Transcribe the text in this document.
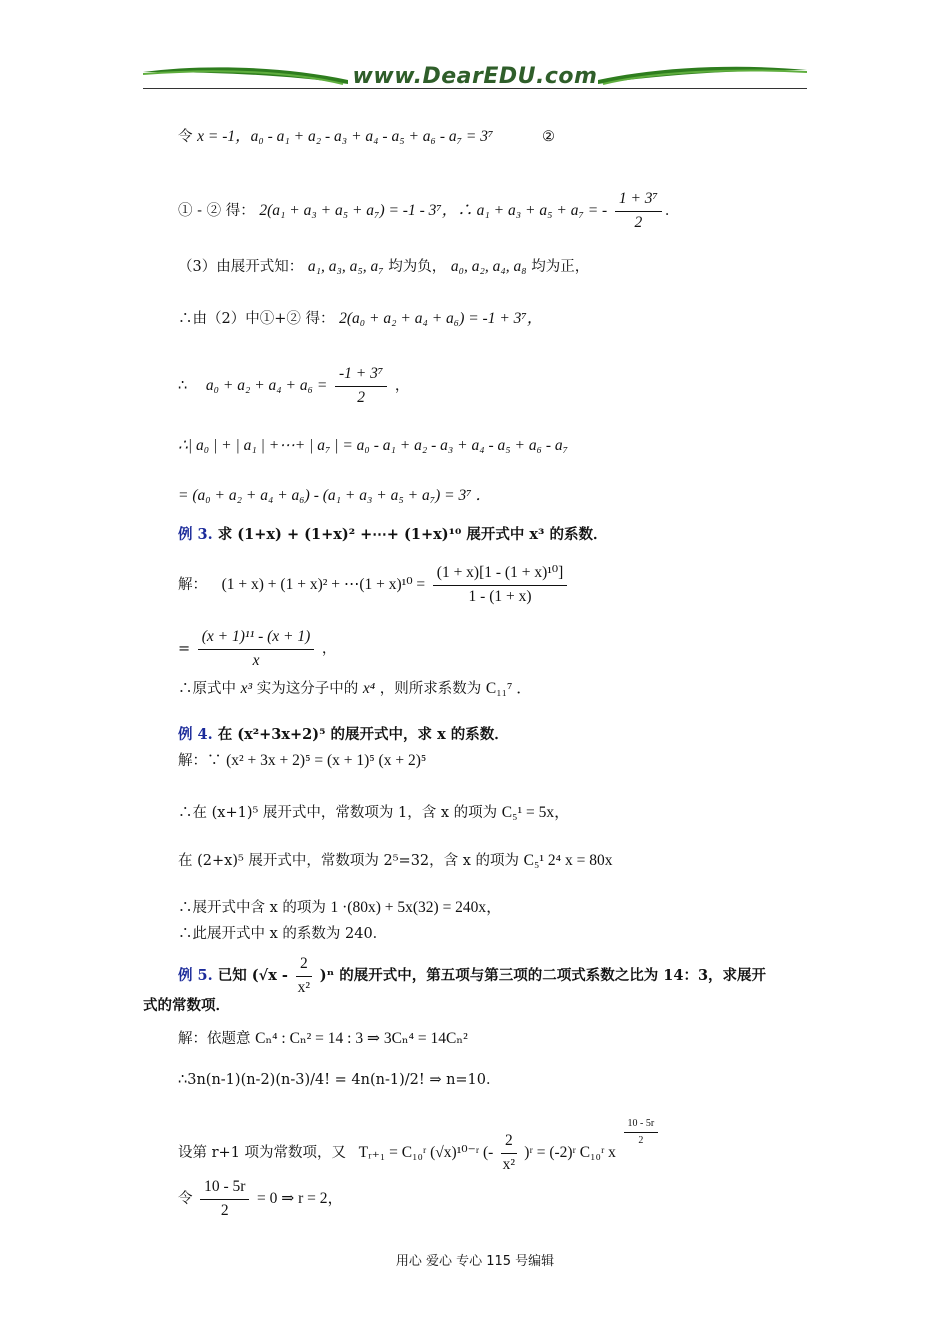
www.DearEDU.com
令 x = -1，a₀ - a₁ + a₂ - a₃ + a₄ - a₅ + a₆ - a₇ = 3⁷	②
① - ② 得： 2(a₁ + a₃ + a₅ + a₇) = -1 - 3⁷，∴ a₁ + a₃ + a₅ + a₇ = - $\frac{\text{1 + 3⁷}}{2}$ ．
（3）由展开式知： a₁, a₃, a₅, a₇ 均为负， a₀, a₂, a₄, a₈ 均为正，
∴由（2）中①+② 得： 2(a₀ + a₂ + a₄ + a₆) = -1 + 3⁷，
∴ $a_0 + a_2 + a_4 + a_6 = \frac{\text{-1 + 3⁷}}{2}$ ，
∴| a₀ | + | a₁ | +⋯+ | a₇ | = a₀ - a₁ + a₂ - a₃ + a₄ - a₅ + a₆ - a₇
= (a₀ + a₂ + a₄ + a₆) - (a₁ + a₃ + a₅ + a₇) = 3⁷ ．
例 3. 求 (1+x) + (1+x)² +⋯+ (1+x)¹⁰ 展开式中 x³ 的系数．
解： (1 + x) + (1 + x)² + ⋯(1 + $x)^{10} = \frac{\text{(1 + x)[1 - (1 + x)¹⁰]}}{1 - (1 + x)}$
= $\frac{\text{(x + 1)¹¹ - (x + 1)}}{x}$ ，
∴原式中 x³ 实为这分子中的 x⁴ ，则所求系数为 C₁₁⁷ ．
例 4. 在 (x²+3x+2)⁵ 的展开式中，求 x 的系数．
解：∵ (x² + 3x + 2)⁵ = (x + 1)⁵ (x + 2)⁵
∴在 (x+1)⁵ 展开式中，常数项为 1，含 x 的项为 C₅¹ = 5x，
在 (2+x)⁵ 展开式中，常数项为 2⁵=32，含 x 的项为 C₅¹ 2⁴ x = 80x
∴展开式中含 x 的项为 1 ·(80x) + 5x(32) = 240x，
∴此展开式中 x 的系数为 240．
例 5. 已知 $(√x - \frac{2}{\text{x²}} )^n$ 的展开式中，第五项与第三项的二项式系数之比为 14：3，求展开
式的常数项．
解：依题意 Cₙ⁴ : Cₙ² = 14 : 3 ⇒ 3Cₙ⁴ = 14Cₙ²
∴3n(n-1)(n-2)(n-3)/4! = 4n(n-1)/2! ⇒ n=10．
设第 r+1 项为常数项，又 Tᵣ₊₁ = C₁₀ʳ (√x)¹⁰⁻ʳ (- $\frac{2}{\text{x²}}$ )ʳ = (-2)ʳ C₁₀ʳ x
$\frac{10 - 5r}{2}$
令 $\frac{10 - 5r}{2} = 0$ ⇒ r = 2，
用心 爱心 专心 115 号编辑
